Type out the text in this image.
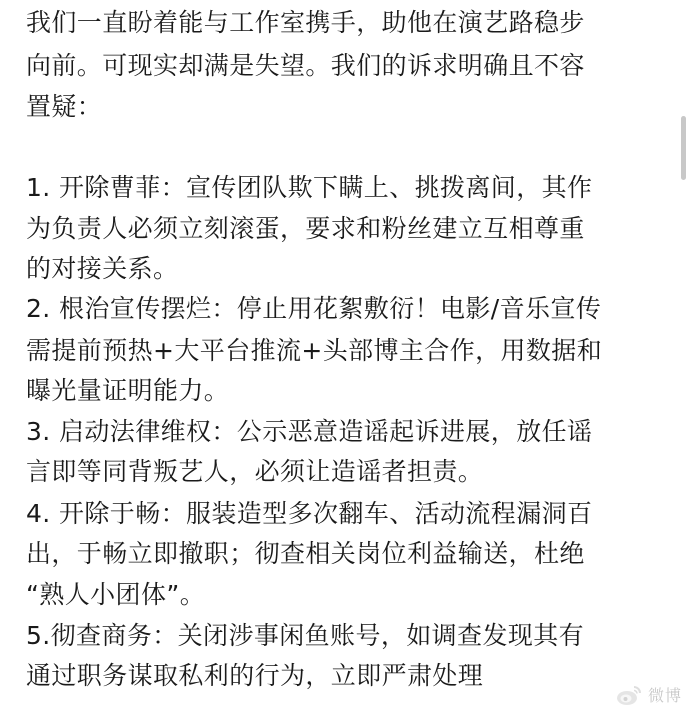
我们一直盼着能与工作室携手，助他在演艺路稳步
向前。可现实却满是失望。我们的诉求明确且不容
置疑：
1. 开除曹菲：宣传团队欺下瞒上、挑拨离间，其作
为负责人必须立刻滚蛋，要求和粉丝建立互相尊重
的对接关系。
2. 根治宣传摆烂：停止用花絮敷衍！电影/音乐宣传
需提前预热+大平台推流+头部博主合作，用数据和
曝光量证明能力。
3. 启动法律维权：公示恶意造谣起诉进展，放任谣
言即等同背叛艺人，必须让造谣者担责。
4. 开除于畅：服装造型多次翻车、活动流程漏洞百
出，于畅立即撤职；彻查相关岗位利益输送，杜绝
“熟人小团体”。
5.彻查商务：关闭涉事闲鱼账号，如调查发现其有
通过职务谋取私利的行为，立即严肃处理
微博
